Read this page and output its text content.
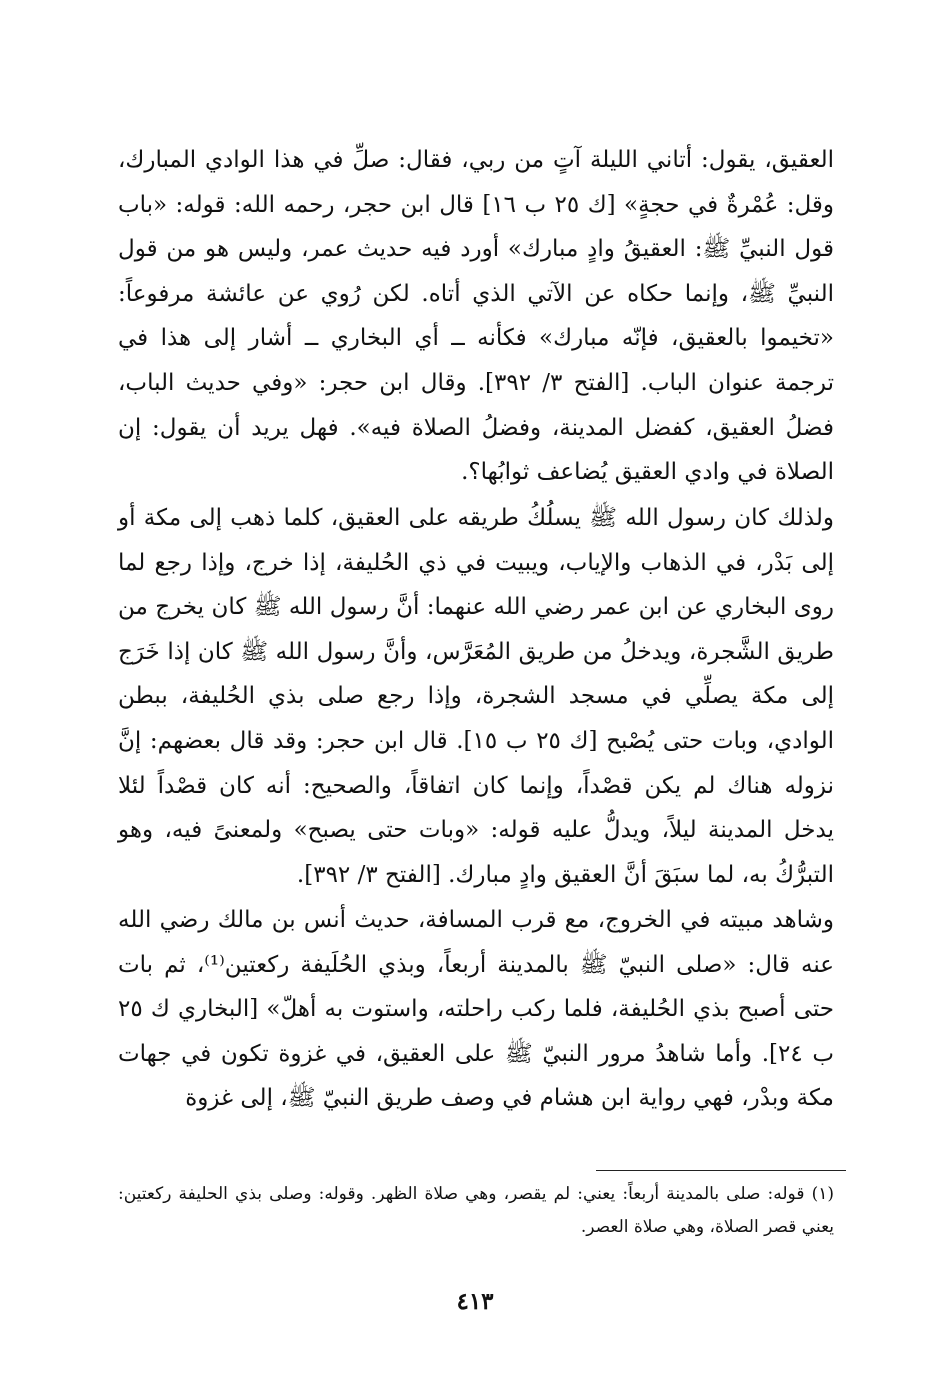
العقيق، يقول: أتاني الليلة آتٍ من ربي، فقال: صلِّ في هذا الوادي المبارك، وقل: عُمْرةٌ في حجةٍ» [ك ٢٥ ب ١٦] قال ابن حجر، رحمه الله: قوله: «باب قول النبيِّ ﷺ: العقيقُ وادٍ مبارك» أورد فيه حديث عمر، وليس هو من قول النبيِّ ﷺ، وإنما حكاه عن الآتي الذي أتاه. لكن رُوي عن عائشة مرفوعاً: «تخيموا بالعقيق، فإنّه مبارك» فكأنه ــ أي البخاري ــ أشار إلى هذا في ترجمة عنوان الباب. [الفتح ٣/ ٣٩٢]. وقال ابن حجر: «وفي حديث الباب، فضلُ العقيق، كفضل المدينة، وفضلُ الصلاة فيه». فهل يريد أن يقول: إن الصلاة في وادي العقيق يُضاعف ثوابُها؟.

ولذلك كان رسول الله ﷺ يسلُكُ طريقه على العقيق، كلما ذهب إلى مكة أو إلى بَدْر، في الذهاب والإياب، ويبيت في ذي الحُليفة، إذا خرج، وإذا رجع لما روى البخاري عن ابن عمر رضي الله عنهما: أنَّ رسول الله ﷺ كان يخرج من طريق الشَّجرة، ويدخلُ من طريق المُعَرَّس، وأنَّ رسول الله ﷺ كان إذا خَرَج إلى مكة يصلِّي في مسجد الشجرة، وإذا رجع صلى بذي الحُليفة، ببطن الوادي، وبات حتى يُصْبح [ك ٢٥ ب ١٥]. قال ابن حجر: وقد قال بعضهم: إنَّ نزوله هناك لم يكن قصْداً، وإنما كان اتفاقاً، والصحيح: أنه كان قصْداً لئلا يدخل المدينة ليلاً، ويدلُّ عليه قوله: «وبات حتى يصبح» ولمعنىً فيه، وهو التبرُّكُ به، لما سبَقَ أنَّ العقيق وادٍ مبارك. [الفتح ٣/ ٣٩٢].

وشاهد مبيته في الخروج، مع قرب المسافة، حديث أنس بن مالك رضي الله عنه قال: «صلى النبيّ ﷺ بالمدينة أربعاً، وبذي الحُلَيفة ركعتين⁽¹⁾، ثم بات حتى أصبح بذي الحُليفة، فلما ركب راحلته، واستوت به أهلّ» [البخاري ك ٢٥ ب ٢٤]. وأما شاهدُ مرور النبيّ ﷺ على العقيق، في غزوة تكون في جهات مكة وبدْر، فهي رواية ابن هشام في وصف طريق النبيّ ﷺ، إلى غزوة

(١) قوله: صلى بالمدينة أربعاً: يعني: لم يقصر، وهي صلاة الظهر. وقوله: وصلى بذي الحليفة ركعتين: يعني قصر الصلاة، وهي صلاة العصر.

٤١٣
